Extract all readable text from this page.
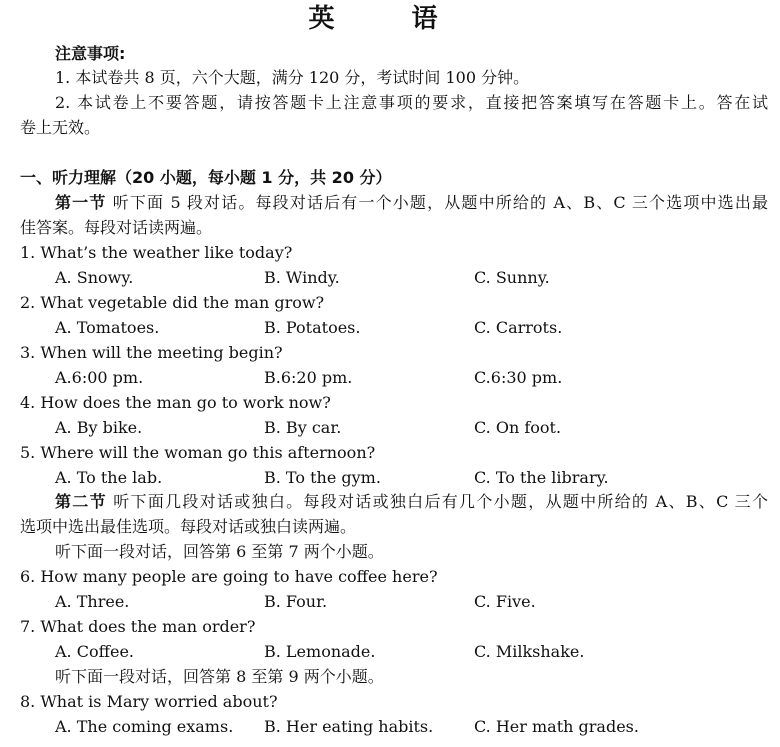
英 语
注意事项:
1. 本试卷共 8 页，六个大题，满分 120 分，考试时间 100 分钟。
2. 本试卷上不要答题，请按答题卡上注意事项的要求，直接把答案填写在答题卡上。答在试
卷上无效。
一、听力理解（20 小题，每小题 1 分，共 20 分）
第一节 听下面 5 段对话。每段对话后有一个小题，从题中所给的 A、B、C 三个选项中选出最
佳答案。每段对话读两遍。
1. What’s the weather like today?
A. Snowy.	B. Windy.	C. Sunny.
2. What vegetable did the man grow?
A. Tomatoes.	B. Potatoes.	C. Carrots.
3. When will the meeting begin?
A.6:00 pm.	B.6:20 pm.	C.6:30 pm.
4. How does the man go to work now?
A. By bike.	B. By car.	C. On foot.
5. Where will the woman go this afternoon?
A. To the lab.	B. To the gym.	C. To the library.
第二节 听下面几段对话或独白。每段对话或独白后有几个小题，从题中所给的 A、B、C 三个
选项中选出最佳选项。每段对话或独白读两遍。
听下面一段对话，回答第 6 至第 7 两个小题。
6. How many people are going to have coffee here?
A. Three.	B. Four.	C. Five.
7. What does the man order?
A. Coffee.	B. Lemonade.	C. Milkshake.
听下面一段对话，回答第 8 至第 9 两个小题。
8. What is Mary worried about?
A. The coming exams. B. Her eating habits.	C. Her math grades.
